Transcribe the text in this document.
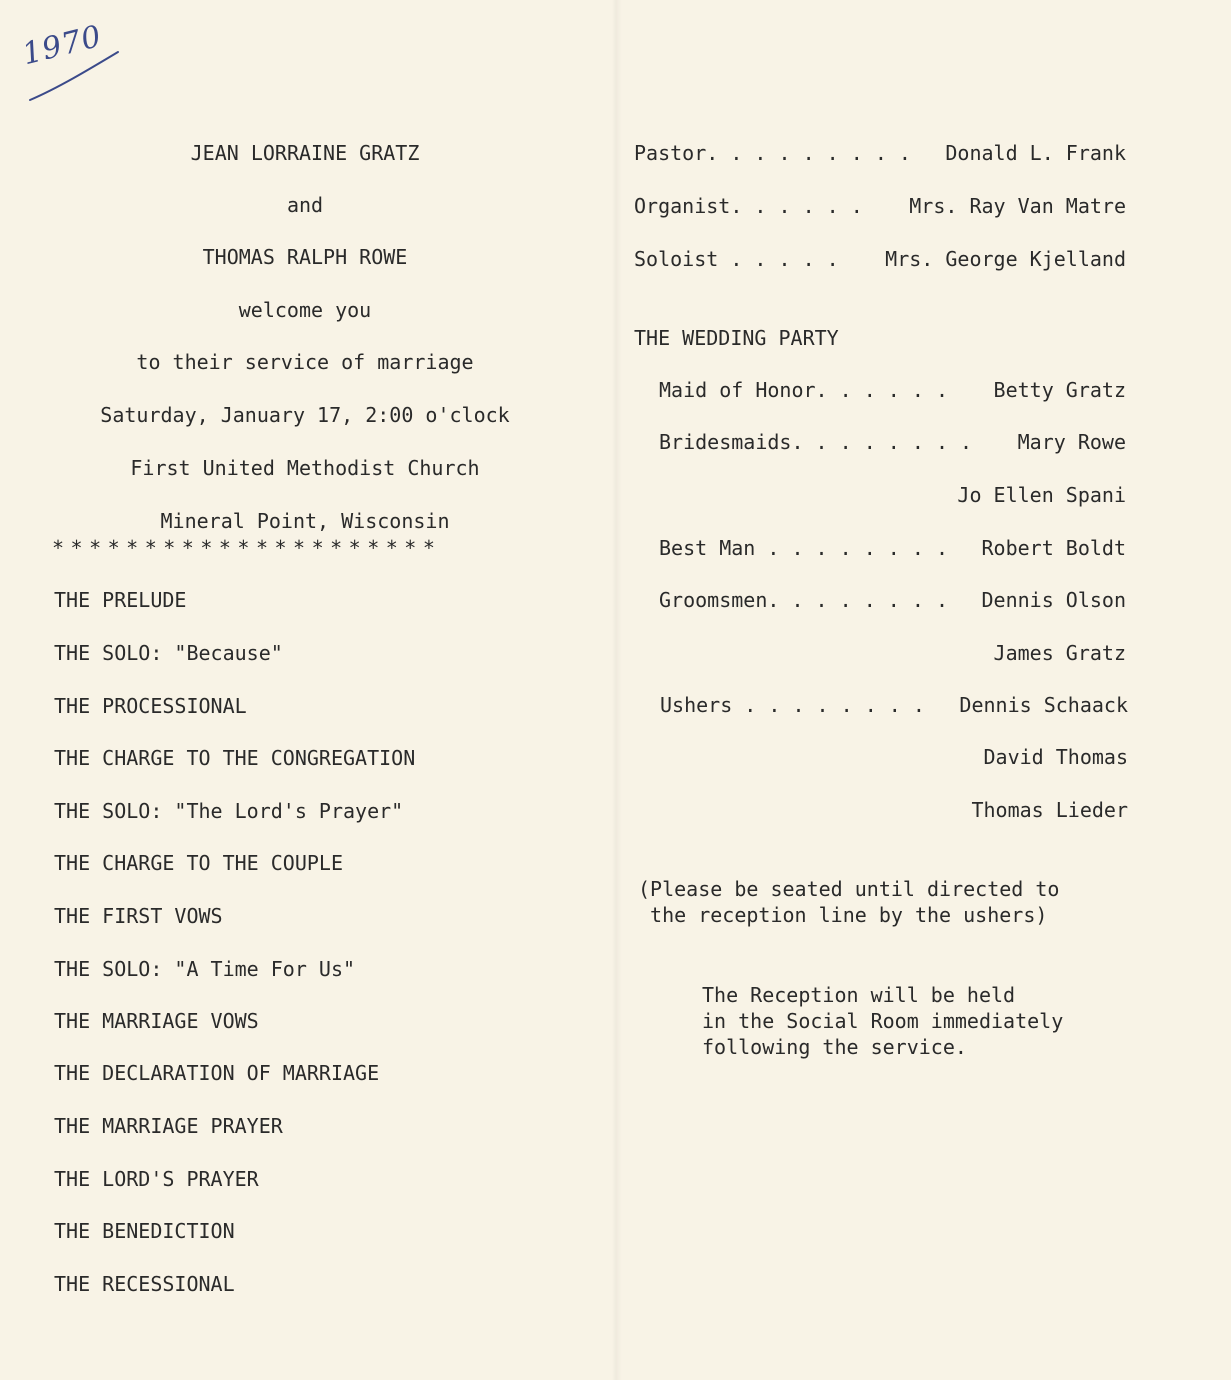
1970
JEAN LORRAINE GRATZ
and
THOMAS RALPH ROWE
welcome you
to their service of marriage
Saturday, January 17, 2:00 o'clock
First United Methodist Church
Mineral Point, Wisconsin
*********************
THE PRELUDE
THE SOLO: "Because"
THE PROCESSIONAL
THE CHARGE TO THE CONGREGATION
THE SOLO: "The Lord's Prayer"
THE CHARGE TO THE COUPLE
THE FIRST VOWS
THE SOLO: "A Time For Us"
THE MARRIAGE VOWS
THE DECLARATION OF MARRIAGE
THE MARRIAGE PRAYER
THE LORD'S PRAYER
THE BENEDICTION
THE RECESSIONAL
Pastor. . . . . . . . . Donald L. Frank
Organist. . . . . . Mrs. Ray Van Matre
Soloist . . . . . Mrs. George Kjelland
THE WEDDING PARTY
Maid of Honor. . . . . . Betty Gratz
Bridesmaids. . . . . . . . Mary Rowe
Jo Ellen Spani
Best Man . . . . . . . . Robert Boldt
Groomsmen. . . . . . . . Dennis Olson
James Gratz
Ushers . . . . . . . . Dennis Schaack
David Thomas
Thomas Lieder
(Please be seated until directed to
the reception line by the ushers)
The Reception will be held
in the Social Room immediately
following the service.
